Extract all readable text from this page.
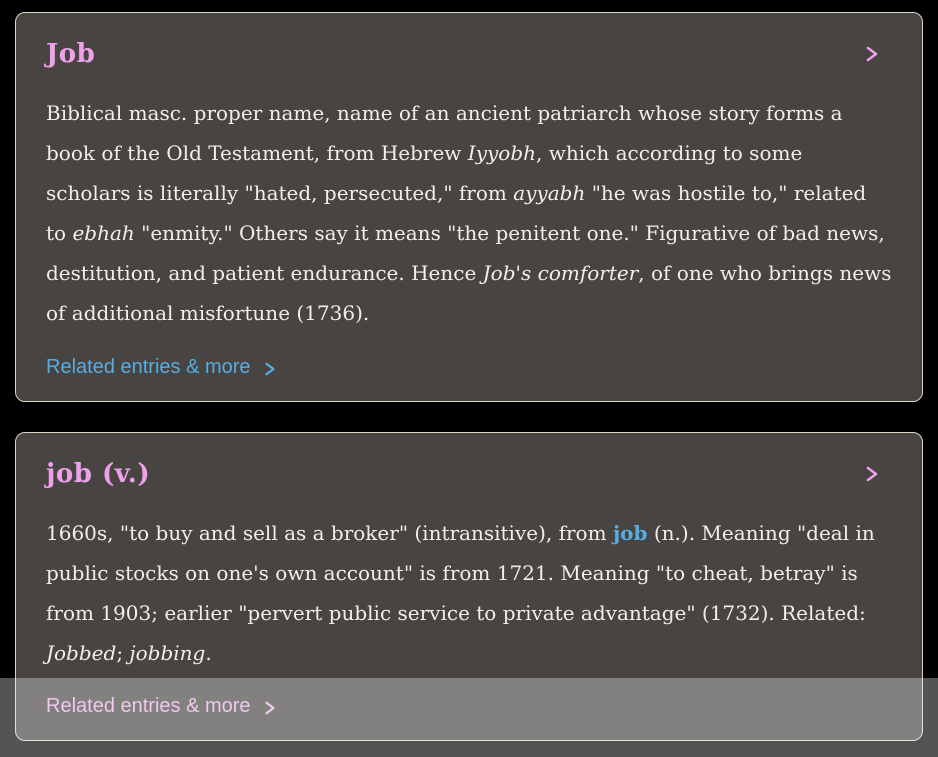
Job

Biblical masc. proper name, name of an ancient patriarch whose story forms a book of the Old Testament, from Hebrew Iyyobh, which according to some scholars is literally "hated, persecuted," from ayyabh "he was hostile to," related to ebhah "enmity." Others say it means "the penitent one." Figurative of bad news, destitution, and patient endurance. Hence Job's comforter, of one who brings news of additional misfortune (1736).

Related entries & more
job (v.)

1660s, "to buy and sell as a broker" (intransitive), from job (n.). Meaning "deal in public stocks on one's own account" is from 1721. Meaning "to cheat, betray" is from 1903; earlier "pervert public service to private advantage" (1732). Related: Jobbed; jobbing.

Related entries & more
